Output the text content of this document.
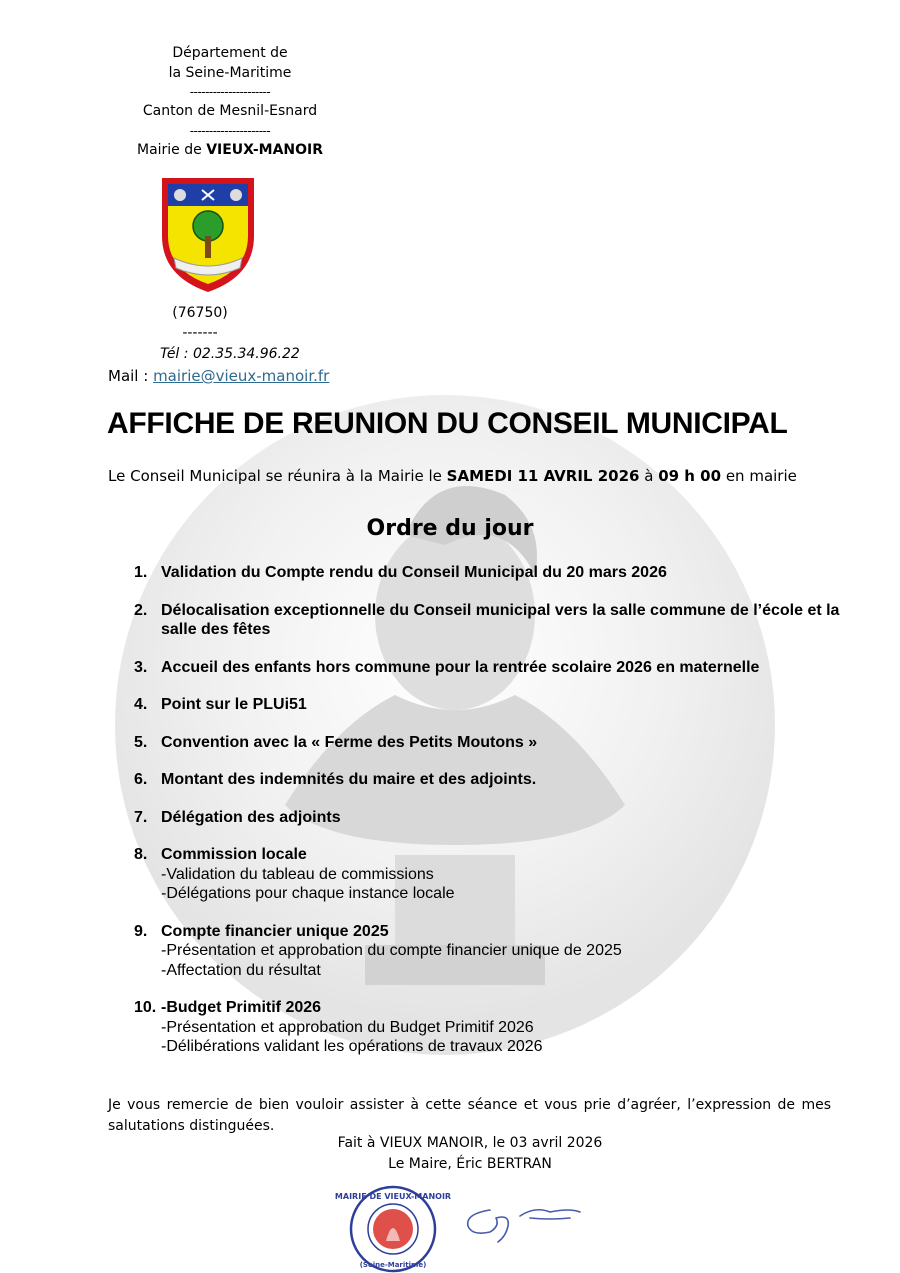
Département de
la Seine-Maritime
---------------------
Canton de Mesnil-Esnard
---------------------
Mairie de VIEUX-MANOIR
(76750)
-------
Tél : 02.35.34.96.22
Mail : mairie@vieux-manoir.fr
AFFICHE DE REUNION DU CONSEIL MUNICIPAL
Le Conseil Municipal se réunira à la Mairie le SAMEDI 11 AVRIL 2026 à 09 h 00 en mairie
Ordre du jour
1. Validation du Compte rendu du Conseil Municipal du 20 mars 2026
2. Délocalisation exceptionnelle du Conseil municipal vers la salle commune de l’école et la salle des fêtes
3. Accueil des enfants hors commune pour la rentrée scolaire 2026 en maternelle
4. Point sur le PLUi51
5. Convention avec la « Ferme des Petits Moutons »
6. Montant des indemnités du maire et des adjoints.
7. Délégation des adjoints
8. Commission locale
-Validation du tableau de commissions
-Délégations pour chaque instance locale
9. Compte financier unique 2025
-Présentation et approbation du compte financier unique de 2025
-Affectation du résultat
10. -Budget Primitif 2026
-Présentation et approbation du Budget Primitif 2026
-Délibérations validant les opérations de travaux 2026

Je vous remercie de bien vouloir assister à cette séance et vous prie d’agréer, l’expression de mes salutations distinguées.

Fait à VIEUX MANOIR, le 03 avril 2026
Le Maire, Éric BERTRAN
MAIRIE DE VIEUX-MANOIR
(Seine-Maritime)
